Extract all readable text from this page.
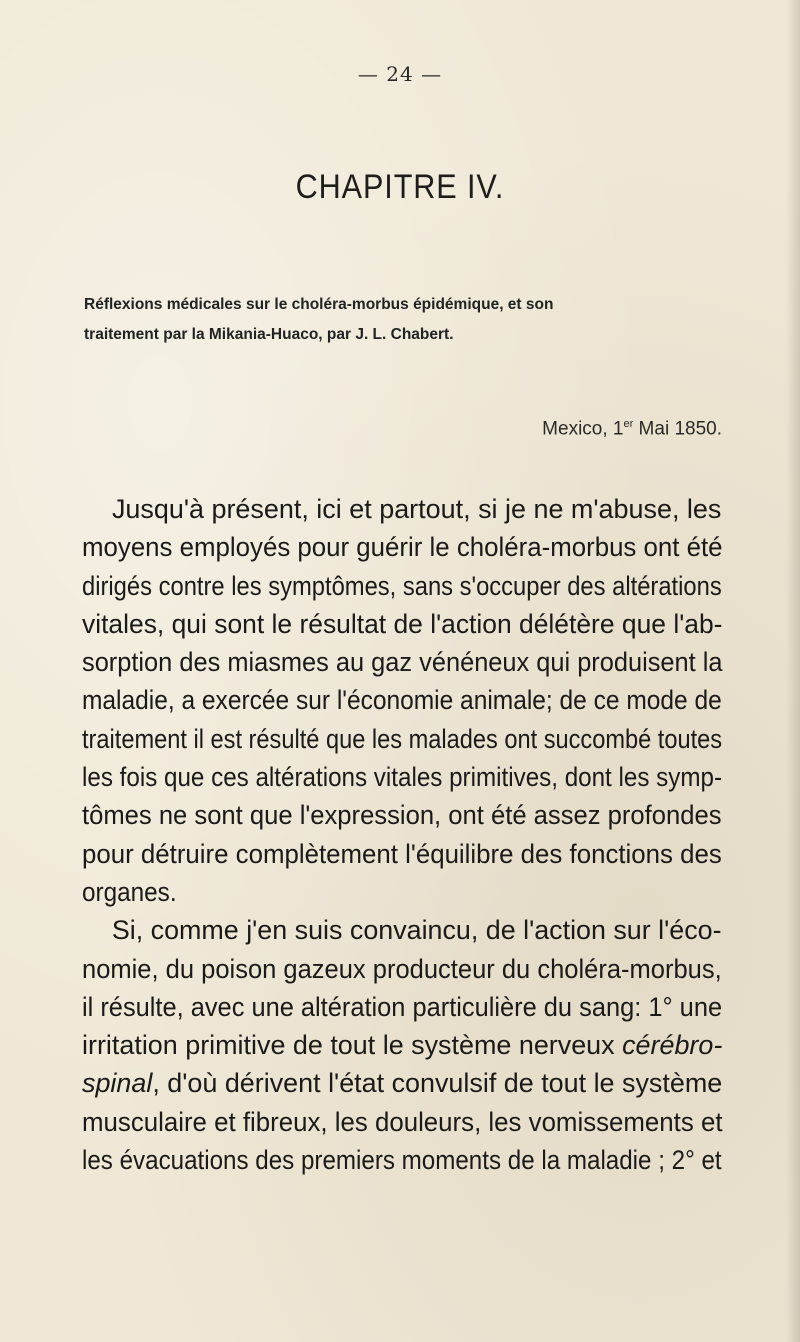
— 24 —
CHAPITRE IV.
Réflexions médicales sur le choléra-morbus épidémique, et son
traitement par la Mikania-Huaco, par J. L. Chabert.
Mexico, 1er Mai 1850.
Jusqu'à présent, ici et partout, si je ne m'abuse, les
moyens employés pour guérir le choléra-morbus ont été
dirigés contre les symptômes, sans s'occuper des altérations
vitales, qui sont le résultat de l'action délétère que l'ab-
sorption des miasmes au gaz vénéneux qui produisent la
maladie, a exercée sur l'économie animale; de ce mode de
traitement il est résulté que les malades ont succombé toutes
les fois que ces altérations vitales primitives, dont les symp-
tômes ne sont que l'expression, ont été assez profondes
pour détruire complètement l'équilibre des fonctions des
organes.
Si, comme j'en suis convaincu, de l'action sur l'éco-
nomie, du poison gazeux producteur du choléra-morbus,
il résulte, avec une altération particulière du sang: 1° une
irritation primitive de tout le système nerveux cérébro-
spinal, d'où dérivent l'état convulsif de tout le système
musculaire et fibreux, les douleurs, les vomissements et
les évacuations des premiers moments de la maladie ; 2° et
